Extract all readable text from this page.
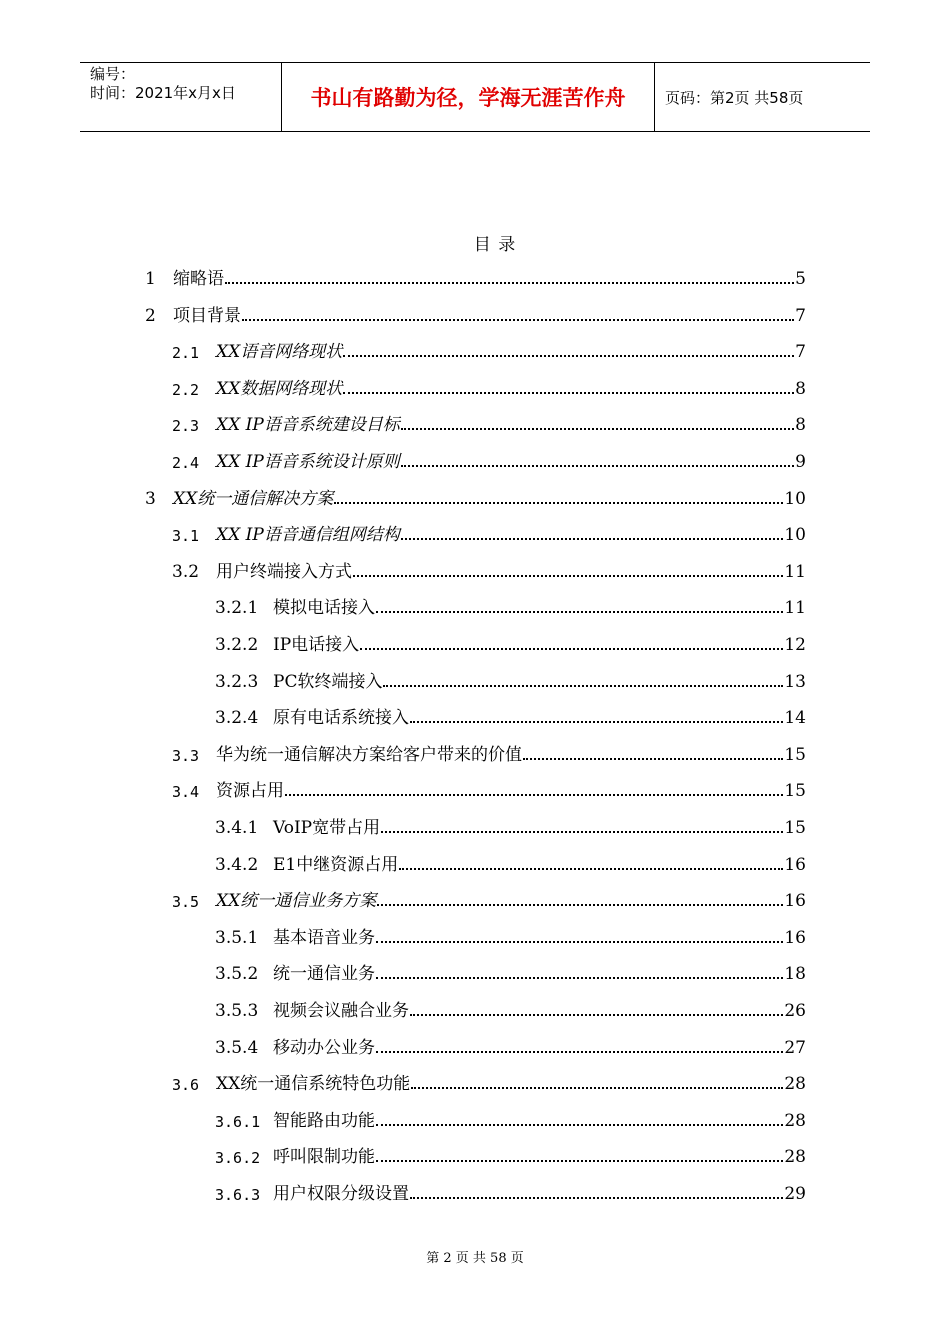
编号：
时间：2021年x月x日	书山有路勤为径，学海无涯苦作舟	页码：第2页 共58页
目 录
1	缩略语	5
2	项目背景	7
2.1 XX语音网络现状	7
2.2 XX数据网络现状	8
2.3 XX IP语音系统建设目标	8
2.4 XX IP语音系统设计原则	9
3	XX统一通信解决方案	10
3.1 XX IP语音通信组网结构	10
3.2 用户终端接入方式	11
3.2.1 模拟电话接入	11
3.2.2 IP电话接入	12
3.2.3 PC软终端接入	13
3.2.4 原有电话系统接入	14
3.3 华为统一通信解决方案给客户带来的价值	15
3.4 资源占用	15
3.4.1 VoIP宽带占用	15
3.4.2 E1中继资源占用	16
3.5 XX统一通信业务方案	16
3.5.1 基本语音业务	16
3.5.2 统一通信业务	18
3.5.3 视频会议融合业务	26
3.5.4 移动办公业务	27
3.6 XX统一通信系统特色功能	28
3.6.1 智能路由功能	28
3.6.2 呼叫限制功能	28
3.6.3 用户权限分级设置	29
第 2 页 共 58 页
